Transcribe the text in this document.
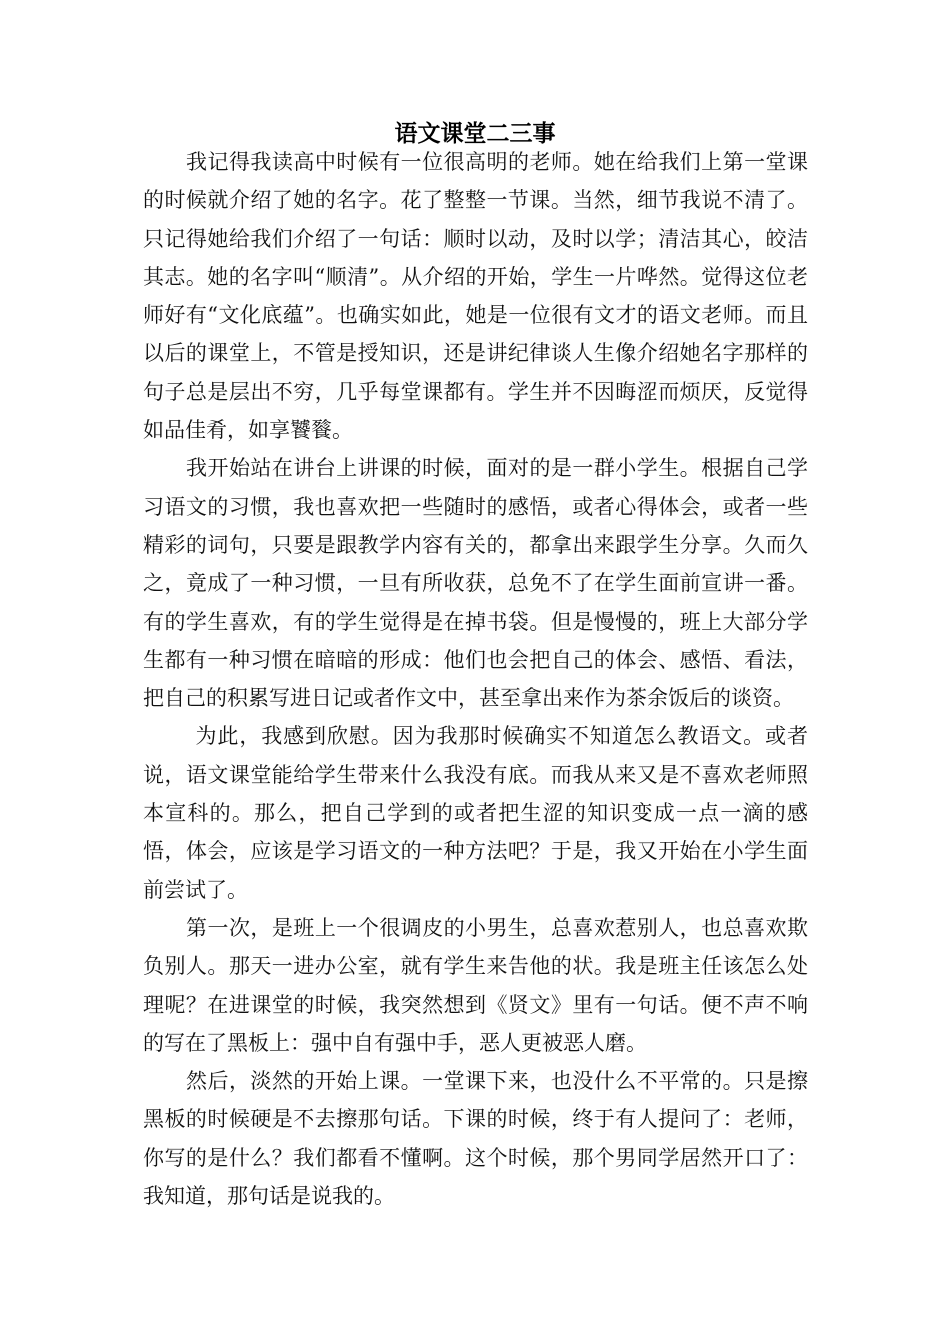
语文课堂二三事

我记得我读高中时候有一位很高明的老师。她在给我们上第一堂课的时候就介绍了她的名字。花了整整一节课。当然，细节我说不清了。只记得她给我们介绍了一句话：顺时以动，及时以学；清洁其心，皎洁其志。她的名字叫“顺清”。从介绍的开始，学生一片哗然。觉得这位老师好有“文化底蕴”。也确实如此，她是一位很有文才的语文老师。而且以后的课堂上，不管是授知识，还是讲纪律谈人生像介绍她名字那样的句子总是层出不穷，几乎每堂课都有。学生并不因晦涩而烦厌，反觉得如品佳肴，如享饕餮。

我开始站在讲台上讲课的时候，面对的是一群小学生。根据自己学习语文的习惯，我也喜欢把一些随时的感悟，或者心得体会，或者一些精彩的词句，只要是跟教学内容有关的，都拿出来跟学生分享。久而久之，竟成了一种习惯，一旦有所收获，总免不了在学生面前宣讲一番。有的学生喜欢，有的学生觉得是在掉书袋。但是慢慢的，班上大部分学生都有一种习惯在暗暗的形成：他们也会把自己的体会、感悟、看法，把自己的积累写进日记或者作文中，甚至拿出来作为茶余饭后的谈资。

为此，我感到欣慰。因为我那时候确实不知道怎么教语文。或者说，语文课堂能给学生带来什么我没有底。而我从来又是不喜欢老师照本宣科的。那么，把自己学到的或者把生涩的知识变成一点一滴的感悟，体会，应该是学习语文的一种方法吧？于是，我又开始在小学生面前尝试了。

第一次，是班上一个很调皮的小男生，总喜欢惹别人，也总喜欢欺负别人。那天一进办公室，就有学生来告他的状。我是班主任该怎么处理呢？在进课堂的时候，我突然想到《贤文》里有一句话。便不声不响的写在了黑板上：强中自有强中手，恶人更被恶人磨。

然后，淡然的开始上课。一堂课下来，也没什么不平常的。只是擦黑板的时候硬是不去擦那句话。下课的时候，终于有人提问了：老师，你写的是什么？我们都看不懂啊。这个时候，那个男同学居然开口了：我知道，那句话是说我的。
